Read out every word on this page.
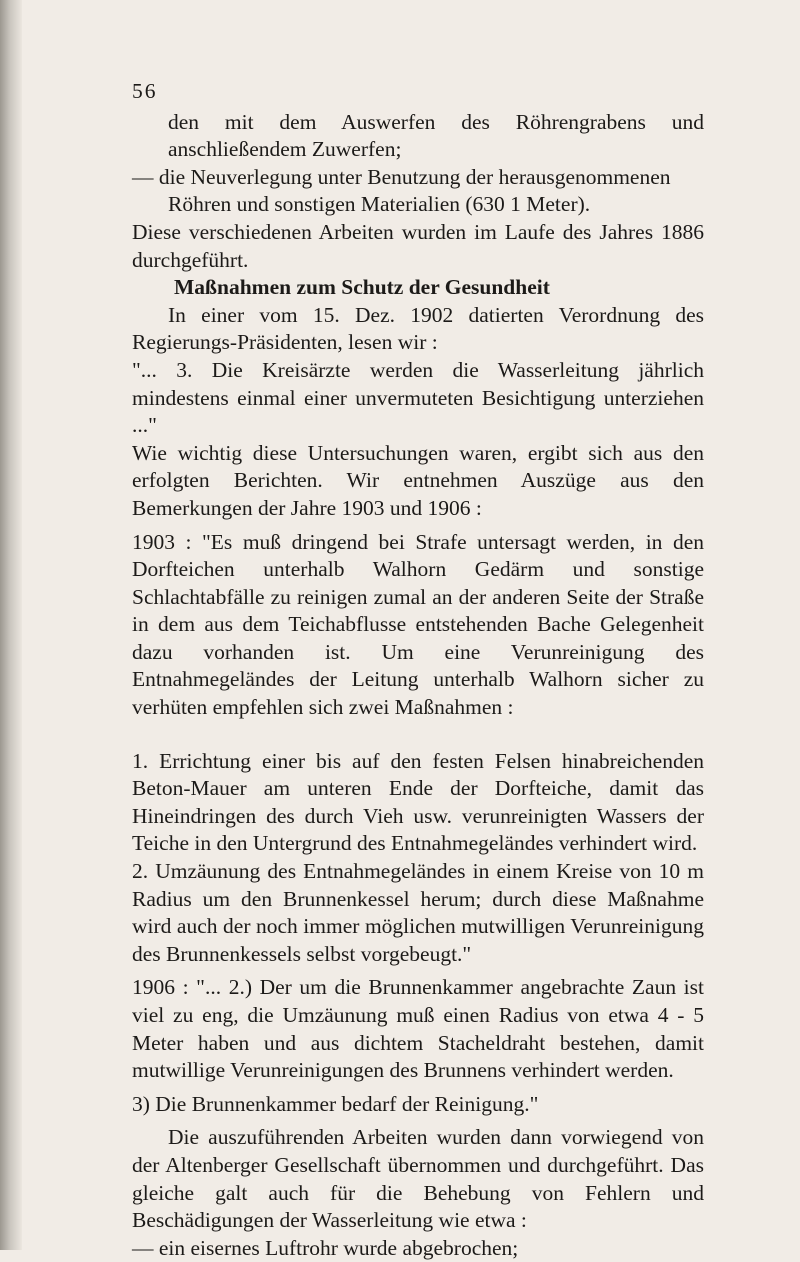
56

den mit dem Auswerfen des Röhrengrabens und anschließendem Zuwerfen;

— die Neuverlegung unter Benutzung der herausgenommenen

Röhren und sonstigen Materialien (630 1 Meter).

Diese verschiedenen Arbeiten wurden im Laufe des Jahres 1886 durchgeführt.

Maßnahmen zum Schutz der Gesundheit

In einer vom 15. Dez. 1902 datierten Verordnung des Regierungs-Präsidenten, lesen wir :

"... 3. Die Kreisärzte werden die Wasserleitung jährlich mindestens einmal einer unvermuteten Besichtigung unterziehen ..."

Wie wichtig diese Untersuchungen waren, ergibt sich aus den erfolgten Berichten. Wir entnehmen Auszüge aus den Bemerkungen der Jahre 1903 und 1906 :

1903 : "Es muß dringend bei Strafe untersagt werden, in den Dorfteichen unterhalb Walhorn Gedärm und sonstige Schlachtabfälle zu reinigen zumal an der anderen Seite der Straße in dem aus dem Teichabflusse entstehenden Bache Gelegenheit dazu vorhanden ist. Um eine Verunreinigung des Entnahmegeländes der Leitung unterhalb Walhorn sicher zu verhüten empfehlen sich zwei Maßnahmen :

1. Errichtung einer bis auf den festen Felsen hinabreichenden Beton-Mauer am unteren Ende der Dorfteiche, damit das Hineindringen des durch Vieh usw. verunreinigten Wassers der Teiche in den Untergrund des Entnahmegeländes verhindert wird.

2. Umzäunung des Entnahmegeländes in einem Kreise von 10 m Radius um den Brunnenkessel herum; durch diese Maßnahme wird auch der noch immer möglichen mutwilligen Verunreinigung des Brunnenkessels selbst vorgebeugt."

1906 : "... 2.) Der um die Brunnenkammer angebrachte Zaun ist viel zu eng, die Umzäunung muß einen Radius von etwa 4 - 5 Meter haben und aus dichtem Stacheldraht bestehen, damit mutwillige Verunreinigungen des Brunnens verhindert werden.

3) Die Brunnenkammer bedarf der Reinigung."

Die auszuführenden Arbeiten wurden dann vorwiegend von der Altenberger Gesellschaft übernommen und durchgeführt. Das gleiche galt auch für die Behebung von Fehlern und Beschädigungen der Wasserleitung wie etwa :

— ein eisernes Luftrohr wurde abgebrochen;
